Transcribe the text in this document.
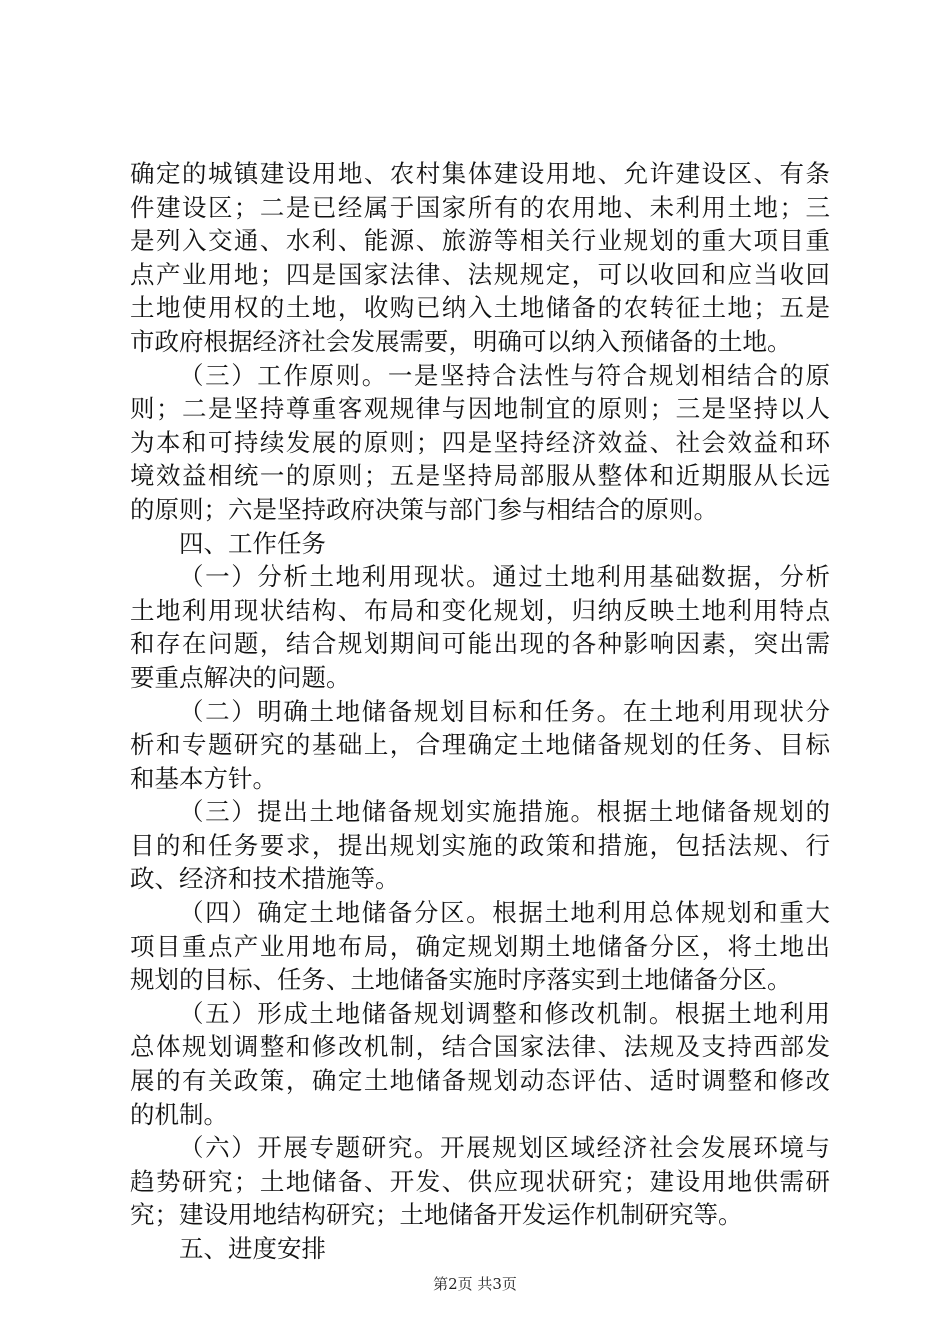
确定的城镇建设用地、农村集体建设用地、允许建设区、有条
件建设区；二是已经属于国家所有的农用地、未利用土地；三
是列入交通、水利、能源、旅游等相关行业规划的重大项目重
点产业用地；四是国家法律、法规规定，可以收回和应当收回
土地使用权的土地，收购已纳入土地储备的农转征土地；五是
市政府根据经济社会发展需要，明确可以纳入预储备的土地。
（三）工作原则。一是坚持合法性与符合规划相结合的原
则；二是坚持尊重客观规律与因地制宜的原则；三是坚持以人
为本和可持续发展的原则；四是坚持经济效益、社会效益和环
境效益相统一的原则；五是坚持局部服从整体和近期服从长远
的原则；六是坚持政府决策与部门参与相结合的原则。
四、工作任务
（一）分析土地利用现状。通过土地利用基础数据，分析
土地利用现状结构、布局和变化规划，归纳反映土地利用特点
和存在问题，结合规划期间可能出现的各种影响因素，突出需
要重点解决的问题。
（二）明确土地储备规划目标和任务。在土地利用现状分
析和专题研究的基础上，合理确定土地储备规划的任务、目标
和基本方针。
（三）提出土地储备规划实施措施。根据土地储备规划的
目的和任务要求，提出规划实施的政策和措施，包括法规、行
政、经济和技术措施等。
（四）确定土地储备分区。根据土地利用总体规划和重大
项目重点产业用地布局，确定规划期土地储备分区，将土地出
规划的目标、任务、土地储备实施时序落实到土地储备分区。
（五）形成土地储备规划调整和修改机制。根据土地利用
总体规划调整和修改机制，结合国家法律、法规及支持西部发
展的有关政策，确定土地储备规划动态评估、适时调整和修改
的机制。
（六）开展专题研究。开展规划区域经济社会发展环境与
趋势研究；土地储备、开发、供应现状研究；建设用地供需研
究；建设用地结构研究；土地储备开发运作机制研究等。
五、进度安排
第2页 共3页
